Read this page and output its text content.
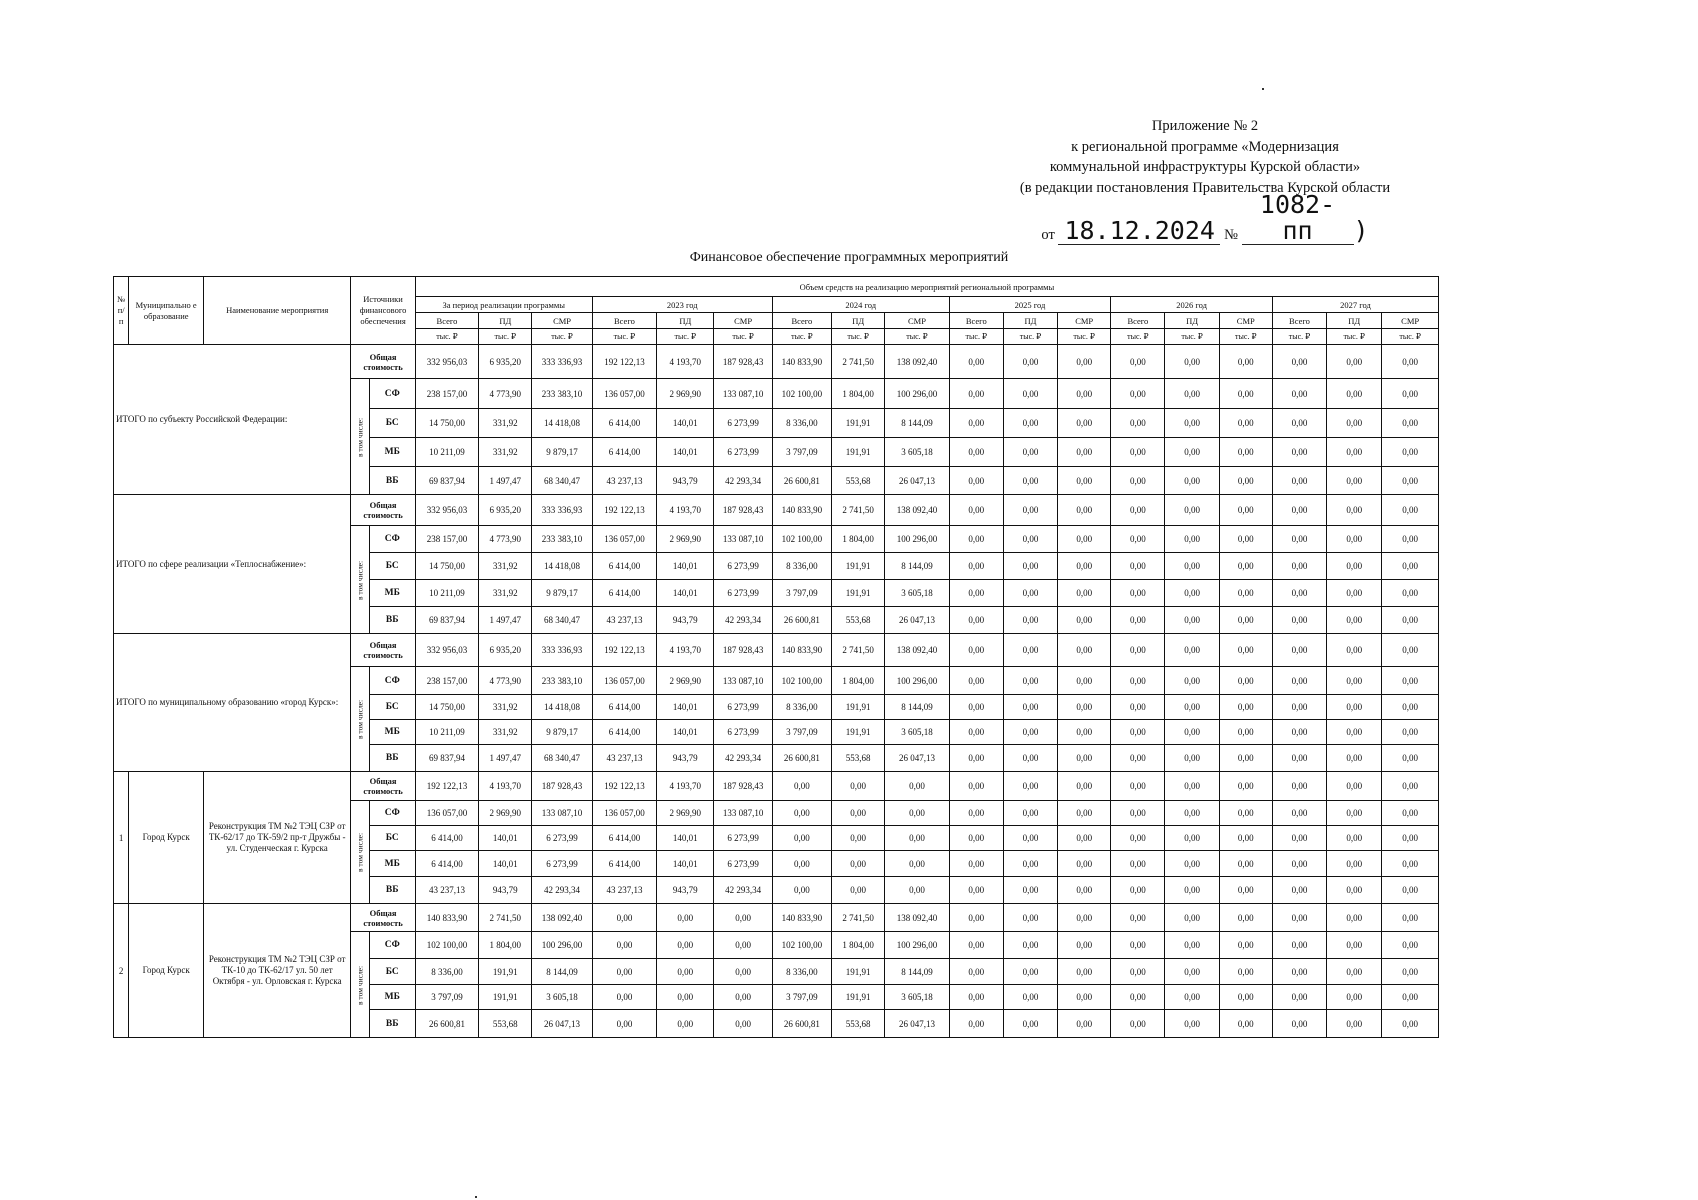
Приложение № 2
к региональной программе «Модернизация
коммунальной инфраструктуры Курской области»
(в редакции постановления Правительства Курской области
от 18.12.2024 № 1082-пп )
Финансовое обеспечение программных мероприятий
№ п/п	Муниципально е образование	Наименование мероприятия	Источники финансового обеспечения		Объем средств на реализацию мероприятий региональной программы																	
					За период реализации программы			2023 год			2024 год			2025 год			2026 год			2027 год		
					Всего	ПД	СМР	Всего	ПД	СМР	Всего	ПД	СМР	Всего	ПД	СМР	Всего	ПД	СМР	Всего	ПД	СМР
					тыс. ₽	тыс. ₽	тыс. ₽	тыс. ₽	тыс. ₽	тыс. ₽	тыс. ₽	тыс. ₽	тыс. ₽	тыс. ₽	тыс. ₽	тыс. ₽	тыс. ₽	тыс. ₽	тыс. ₽	тыс. ₽	тыс. ₽	тыс. ₽
ИТОГО по субъекту Российской Федерации:			Общая стоимость		332 956,03	6 935,20	333 336,93	192 122,13	4 193,70	187 928,43	140 833,90	2 741,50	138 092,40	0,00	0,00	0,00	0,00	0,00	0,00	0,00	0,00	0,00
			в том числе:	СФ	238 157,00	4 773,90	233 383,10	136 057,00	2 969,90	133 087,10	102 100,00	1 804,00	100 296,00	0,00	0,00	0,00	0,00	0,00	0,00	0,00	0,00	0,00
				БС	14 750,00	331,92	14 418,08	6 414,00	140,01	6 273,99	8 336,00	191,91	8 144,09	0,00	0,00	0,00	0,00	0,00	0,00	0,00	0,00	0,00
				МБ	10 211,09	331,92	9 879,17	6 414,00	140,01	6 273,99	3 797,09	191,91	3 605,18	0,00	0,00	0,00	0,00	0,00	0,00	0,00	0,00	0,00
				ВБ	69 837,94	1 497,47	68 340,47	43 237,13	943,79	42 293,34	26 600,81	553,68	26 047,13	0,00	0,00	0,00	0,00	0,00	0,00	0,00	0,00	0,00
ИТОГО по сфере реализации «Теплоснабжение»:			Общая стоимость		332 956,03	6 935,20	333 336,93	192 122,13	4 193,70	187 928,43	140 833,90	2 741,50	138 092,40	0,00	0,00	0,00	0,00	0,00	0,00	0,00	0,00	0,00
			в том числе:	СФ	238 157,00	4 773,90	233 383,10	136 057,00	2 969,90	133 087,10	102 100,00	1 804,00	100 296,00	0,00	0,00	0,00	0,00	0,00	0,00	0,00	0,00	0,00
				БС	14 750,00	331,92	14 418,08	6 414,00	140,01	6 273,99	8 336,00	191,91	8 144,09	0,00	0,00	0,00	0,00	0,00	0,00	0,00	0,00	0,00
				МБ	10 211,09	331,92	9 879,17	6 414,00	140,01	6 273,99	3 797,09	191,91	3 605,18	0,00	0,00	0,00	0,00	0,00	0,00	0,00	0,00	0,00
				ВБ	69 837,94	1 497,47	68 340,47	43 237,13	943,79	42 293,34	26 600,81	553,68	26 047,13	0,00	0,00	0,00	0,00	0,00	0,00	0,00	0,00	0,00
ИТОГО по муниципальному образованию «город Курск»:			Общая стоимость		332 956,03	6 935,20	333 336,93	192 122,13	4 193,70	187 928,43	140 833,90	2 741,50	138 092,40	0,00	0,00	0,00	0,00	0,00	0,00	0,00	0,00	0,00
			в том числе:	СФ	238 157,00	4 773,90	233 383,10	136 057,00	2 969,90	133 087,10	102 100,00	1 804,00	100 296,00	0,00	0,00	0,00	0,00	0,00	0,00	0,00	0,00	0,00
				БС	14 750,00	331,92	14 418,08	6 414,00	140,01	6 273,99	8 336,00	191,91	8 144,09	0,00	0,00	0,00	0,00	0,00	0,00	0,00	0,00	0,00
				МБ	10 211,09	331,92	9 879,17	6 414,00	140,01	6 273,99	3 797,09	191,91	3 605,18	0,00	0,00	0,00	0,00	0,00	0,00	0,00	0,00	0,00
				ВБ	69 837,94	1 497,47	68 340,47	43 237,13	943,79	42 293,34	26 600,81	553,68	26 047,13	0,00	0,00	0,00	0,00	0,00	0,00	0,00	0,00	0,00
1	Город Курск	Реконструкция ТМ №2 ТЭЦ СЗР от ТК-62/17 до ТК-59/2 пр-т Дружбы - ул. Студенческая г. Курска	Общая стоимость		192 122,13	4 193,70	187 928,43	192 122,13	4 193,70	187 928,43	0,00	0,00	0,00	0,00	0,00	0,00	0,00	0,00	0,00	0,00	0,00	0,00
			в том числе:	СФ	136 057,00	2 969,90	133 087,10	136 057,00	2 969,90	133 087,10	0,00	0,00	0,00	0,00	0,00	0,00	0,00	0,00	0,00	0,00	0,00	0,00
				БС	6 414,00	140,01	6 273,99	6 414,00	140,01	6 273,99	0,00	0,00	0,00	0,00	0,00	0,00	0,00	0,00	0,00	0,00	0,00	0,00
				МБ	6 414,00	140,01	6 273,99	6 414,00	140,01	6 273,99	0,00	0,00	0,00	0,00	0,00	0,00	0,00	0,00	0,00	0,00	0,00	0,00
				ВБ	43 237,13	943,79	42 293,34	43 237,13	943,79	42 293,34	0,00	0,00	0,00	0,00	0,00	0,00	0,00	0,00	0,00	0,00	0,00	0,00
2	Город Курск	Реконструкция ТМ №2 ТЭЦ СЗР от ТК-10 до ТК-62/17 ул. 50 лет Октября - ул. Орловская г. Курска	Общая стоимость		140 833,90	2 741,50	138 092,40	0,00	0,00	0,00	140 833,90	2 741,50	138 092,40	0,00	0,00	0,00	0,00	0,00	0,00	0,00	0,00	0,00
			в том числе:	СФ	102 100,00	1 804,00	100 296,00	0,00	0,00	0,00	102 100,00	1 804,00	100 296,00	0,00	0,00	0,00	0,00	0,00	0,00	0,00	0,00	0,00
				БС	8 336,00	191,91	8 144,09	0,00	0,00	0,00	8 336,00	191,91	8 144,09	0,00	0,00	0,00	0,00	0,00	0,00	0,00	0,00	0,00
				МБ	3 797,09	191,91	3 605,18	0,00	0,00	0,00	3 797,09	191,91	3 605,18	0,00	0,00	0,00	0,00	0,00	0,00	0,00	0,00	0,00
				ВБ	26 600,81	553,68	26 047,13	0,00	0,00	0,00	26 600,81	553,68	26 047,13	0,00	0,00	0,00	0,00	0,00	0,00	0,00	0,00	0,00
